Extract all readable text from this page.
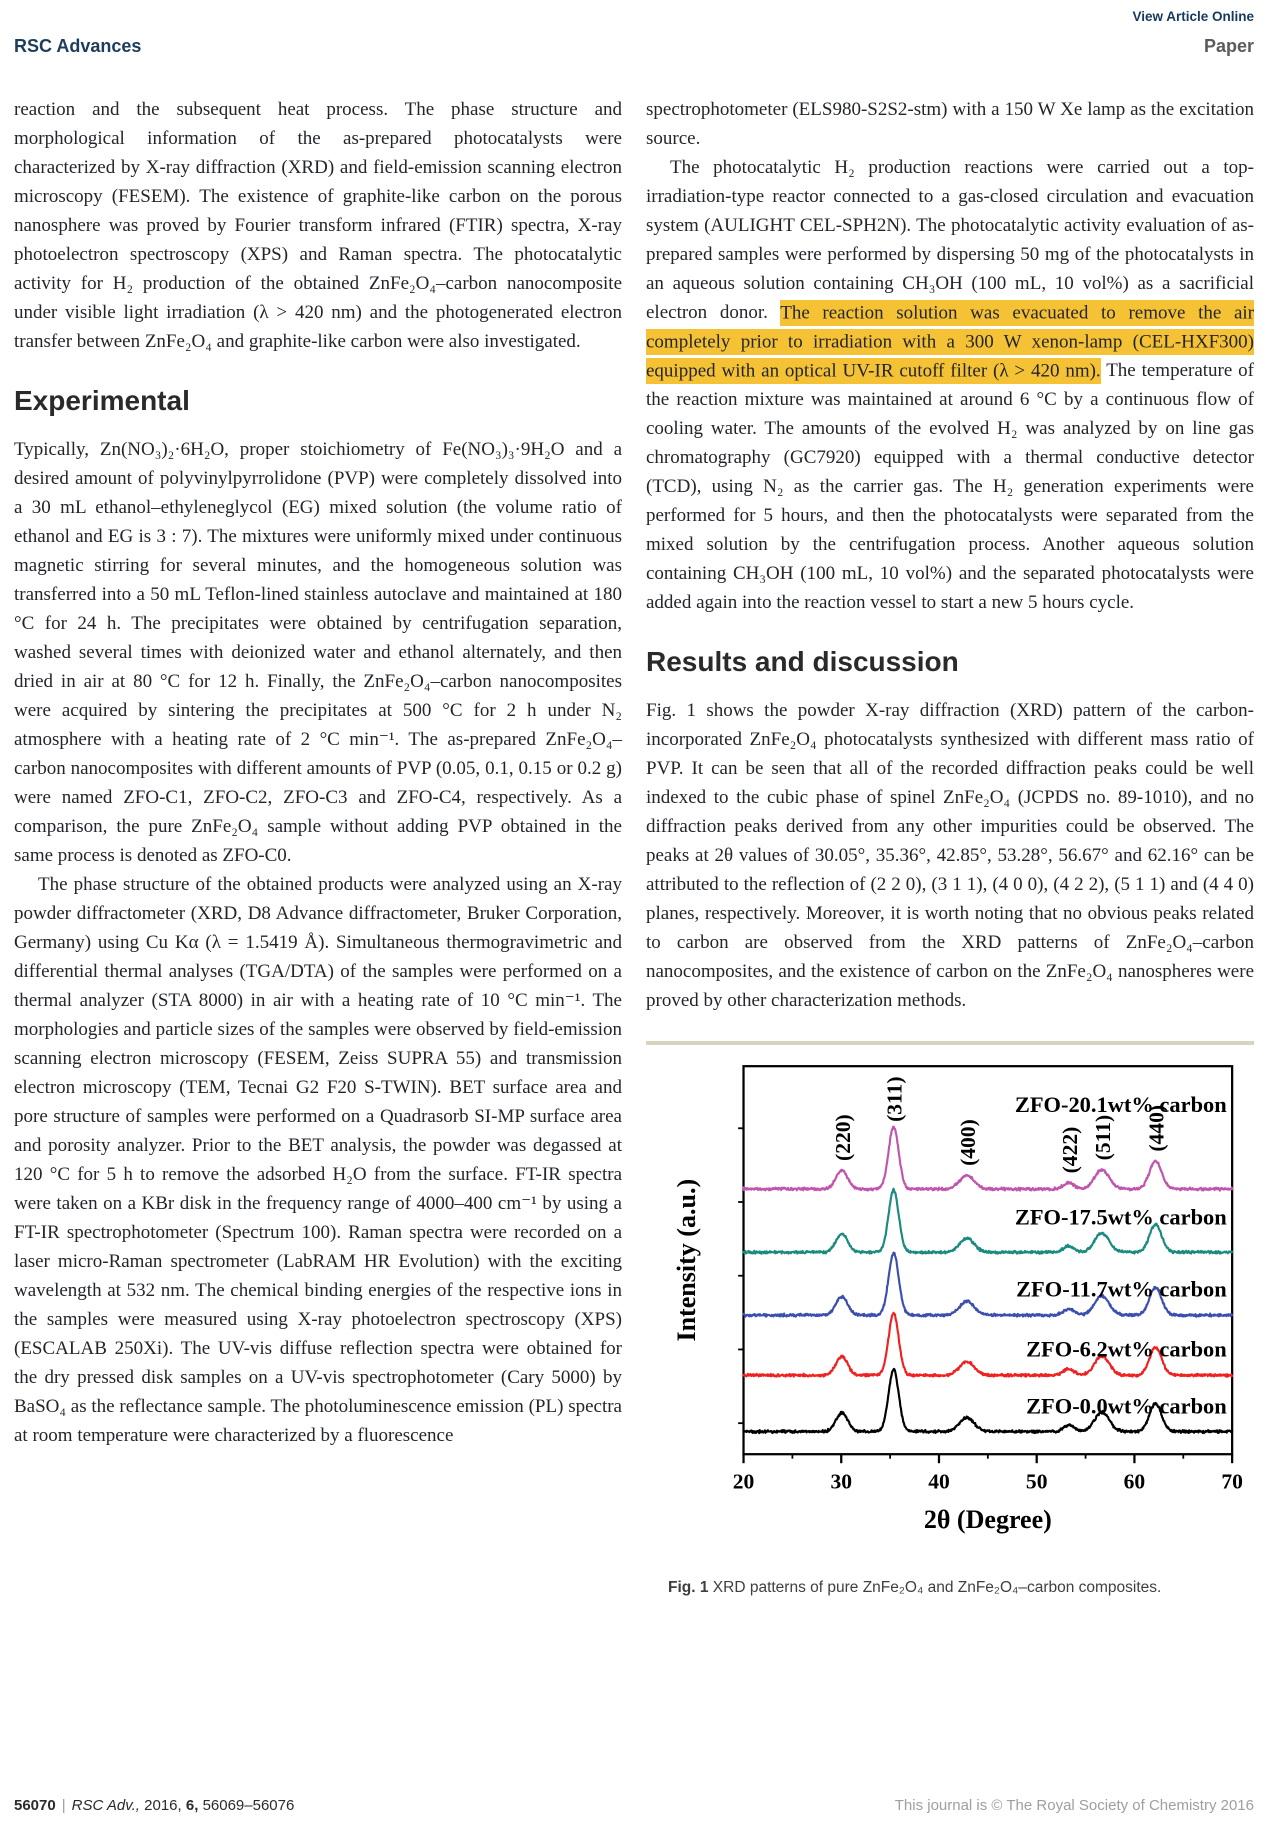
View Article Online
RSC Advances	Paper

reaction and the subsequent heat process. The phase structure and morphological information of the as-prepared photocatalysts were characterized by X-ray diffraction (XRD) and field-emission scanning electron microscopy (FESEM). The existence of graphite-like carbon on the porous nanosphere was proved by Fourier transform infrared (FTIR) spectra, X-ray photoelectron spectroscopy (XPS) and Raman spectra. The photocatalytic activity for H₂ production of the obtained ZnFe₂O₄–carbon nanocomposite under visible light irradiation (λ > 420 nm) and the photogenerated electron transfer between ZnFe₂O₄ and graphite-like carbon were also investigated.

Experimental

Typically, Zn(NO₃)₂·6H₂O, proper stoichiometry of Fe(NO₃)₃·9H₂O and a desired amount of polyvinylpyrrolidone (PVP) were completely dissolved into a 30 mL ethanol–ethyleneglycol (EG) mixed solution (the volume ratio of ethanol and EG is 3 : 7). The mixtures were uniformly mixed under continuous magnetic stirring for several minutes, and the homogeneous solution was transferred into a 50 mL Teflon-lined stainless autoclave and maintained at 180 °C for 24 h. The precipitates were obtained by centrifugation separation, washed several times with deionized water and ethanol alternately, and then dried in air at 80 °C for 12 h. Finally, the ZnFe₂O₄–carbon nanocomposites were acquired by sintering the precipitates at 500 °C for 2 h under N₂ atmosphere with a heating rate of 2 °C min⁻¹. The as-prepared ZnFe₂O₄–carbon nanocomposites with different amounts of PVP (0.05, 0.1, 0.15 or 0.2 g) were named ZFO-C1, ZFO-C2, ZFO-C3 and ZFO-C4, respectively. As a comparison, the pure ZnFe₂O₄ sample without adding PVP obtained in the same process is denoted as ZFO-C0.

The phase structure of the obtained products were analyzed using an X-ray powder diffractometer (XRD, D8 Advance diffractometer, Bruker Corporation, Germany) using Cu Kα (λ = 1.5419 Å). Simultaneous thermogravimetric and differential thermal analyses (TGA/DTA) of the samples were performed on a thermal analyzer (STA 8000) in air with a heating rate of 10 °C min⁻¹. The morphologies and particle sizes of the samples were observed by field-emission scanning electron microscopy (FESEM, Zeiss SUPRA 55) and transmission electron microscopy (TEM, Tecnai G2 F20 S-TWIN). BET surface area and pore structure of samples were performed on a Quadrasorb SI-MP surface area and porosity analyzer. Prior to the BET analysis, the powder was degassed at 120 °C for 5 h to remove the adsorbed H₂O from the surface. FT-IR spectra were taken on a KBr disk in the frequency range of 4000–400 cm⁻¹ by using a FT-IR spectrophotometer (Spectrum 100). Raman spectra were recorded on a laser micro-Raman spectrometer (LabRAM HR Evolution) with the exciting wavelength at 532 nm. The chemical binding energies of the respective ions in the samples were measured using X-ray photoelectron spectroscopy (XPS) (ESCALAB 250Xi). The UV-vis diffuse reflection spectra were obtained for the dry pressed disk samples on a UV-vis spectrophotometer (Cary 5000) by BaSO₄ as the reflectance sample. The photoluminescence emission (PL) spectra at room temperature were characterized by a fluorescence

spectrophotometer (ELS980-S2S2-stm) with a 150 W Xe lamp as the excitation source.

The photocatalytic H₂ production reactions were carried out a top-irradiation-type reactor connected to a gas-closed circulation and evacuation system (AULIGHT CEL-SPH2N). The photocatalytic activity evaluation of as-prepared samples were performed by dispersing 50 mg of the photocatalysts in an aqueous solution containing CH₃OH (100 mL, 10 vol%) as a sacrificial electron donor. The reaction solution was evacuated to remove the air completely prior to irradiation with a 300 W xenon-lamp (CEL-HXF300) equipped with an optical UV-IR cutoff filter (λ > 420 nm). The temperature of the reaction mixture was maintained at around 6 °C by a continuous flow of cooling water. The amounts of the evolved H₂ was analyzed by on line gas chromatography (GC7920) equipped with a thermal conductive detector (TCD), using N₂ as the carrier gas. The H₂ generation experiments were performed for 5 hours, and then the photocatalysts were separated from the mixed solution by the centrifugation process. Another aqueous solution containing CH₃OH (100 mL, 10 vol%) and the separated photocatalysts were added again into the reaction vessel to start a new 5 hours cycle.

Results and discussion

Fig. 1 shows the powder X-ray diffraction (XRD) pattern of the carbon-incorporated ZnFe₂O₄ photocatalysts synthesized with different mass ratio of PVP. It can be seen that all of the recorded diffraction peaks could be well indexed to the cubic phase of spinel ZnFe₂O₄ (JCPDS no. 89-1010), and no diffraction peaks derived from any other impurities could be observed. The peaks at 2θ values of 30.05°, 35.36°, 42.85°, 53.28°, 56.67° and 62.16° can be attributed to the reflection of (2 2 0), (3 1 1), (4 0 0), (4 2 2), (5 1 1) and (4 4 0) planes, respectively. Moreover, it is worth noting that no obvious peaks related to carbon are observed from the XRD patterns of ZnFe₂O₄–carbon nanocomposites, and the existence of carbon on the ZnFe₂O₄ nanospheres were proved by other characterization methods.

20	30	40	50	60	70
2θ (Degree)
Intensity (a.u.)
ZFO-20.1wt% carbon
ZFO-17.5wt% carbon
ZFO-11.7wt% carbon
ZFO-6.2wt% carbon
ZFO-0.0wt% carbon
(220)
(311)
(400)	(422) (511) (440)
Fig. 1 XRD patterns of pure ZnFe₂O₄ and ZnFe₂O₄–carbon composites.
56070 | RSC Adv., 2016, 6, 56069–56076	This journal is © The Royal Society of Chemistry 2016
